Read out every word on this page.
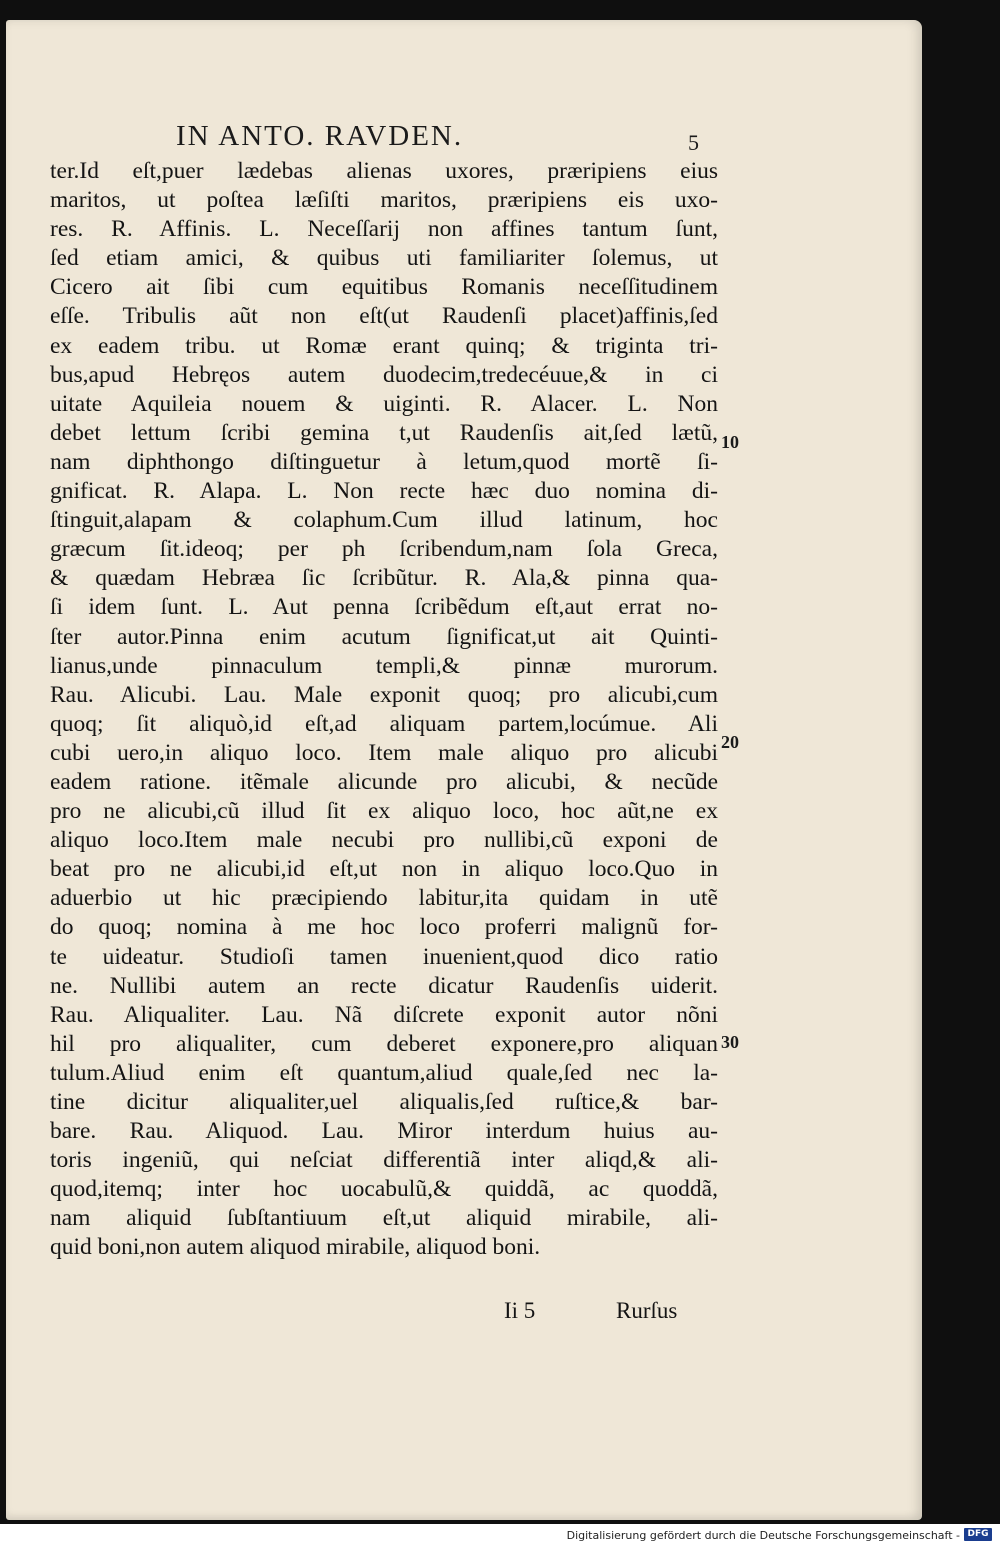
IN ANTO. RAVDEN.	5
ter.Id eſt,puer lædebas alienas uxores, præripiens eius
maritos, ut poſtea læſiſti maritos, præripiens eis uxo-
res. R. Affinis. L. Neceſſarij non affines tantum ſunt,
ſed etiam amici, & quibus uti familiariter ſolemus, ut
Cicero ait ſibi cum equitibus Romanis neceſſitudinem
eſſe. Tribulis aũt non eſt(ut Raudenſi placet)affinis,ſed
ex eadem tribu. ut Romæ erant quinq; & triginta tri-
bus,apud Hebręos autem duodecim,tredecéuue,& in ci
uitate Aquileia nouem & uiginti. R. Alacer. L. Non
debet lettum ſcribi gemina t,ut Raudenſis ait,ſed lætũ,
nam diphthongo diſtinguetur à letum,quod mortẽ ſi-
gnificat. R. Alapa. L. Non recte hæc duo nomina di-
ſtinguit,alapam & colaphum.Cum illud latinum, hoc
græcum ſit.ideoq; per ph ſcribendum,nam ſola Greca,
& quædam Hebræa ſic ſcribũtur. R. Ala,& pinna qua-
ſi idem ſunt. L. Aut penna ſcribẽdum eſt,aut errat no-
ſter autor.Pinna enim acutum ſignificat,ut ait Quinti-
lianus,unde pinnaculum templi,& pinnæ murorum.
Rau. Alicubi. Lau. Male exponit quoq; pro alicubi,cum
quoq; ſit aliquò,id eſt,ad aliquam partem,locúmue. Ali
cubi uero,in aliquo loco. Item male aliquo pro alicubi
eadem ratione. itẽmale alicunde pro alicubi, & necũde
pro ne alicubi,cũ illud ſit ex aliquo loco, hoc aũt,ne ex
aliquo loco.Item male necubi pro nullibi,cũ exponi de
beat pro ne alicubi,id eſt,ut non in aliquo loco.Quo in
aduerbio ut hic præcipiendo labitur,ita quidam in utẽ
do quoq; nomina à me hoc loco proferri malignũ for-
te uideatur. Studioſi tamen inuenient,quod dico ratio
ne. Nullibi autem an recte dicatur Raudenſis uiderit.
Rau. Aliqualiter. Lau. Nã diſcrete exponit autor nõni
hil pro aliqualiter, cum deberet exponere,pro aliquan
tulum.Aliud enim eſt quantum,aliud quale,ſed nec la-
tine dicitur aliqualiter,uel aliqualis,ſed ruſtice,& bar-
bare. Rau. Aliquod. Lau. Miror interdum huius au-
toris ingeniũ, qui neſciat differentiã inter aliqd,& ali-
quod,itemq; inter hoc uocabulũ,& quiddã, ac quoddã,
nam aliquid ſubſtantiuum eſt,ut aliquid mirabile, ali-
quid boni,non autem aliquod mirabile, aliquod boni.
10
20
30
Ii 5	Rurſus
Digitalisierung gefördert durch die Deutsche Forschungsgemeinschaft - DFG
